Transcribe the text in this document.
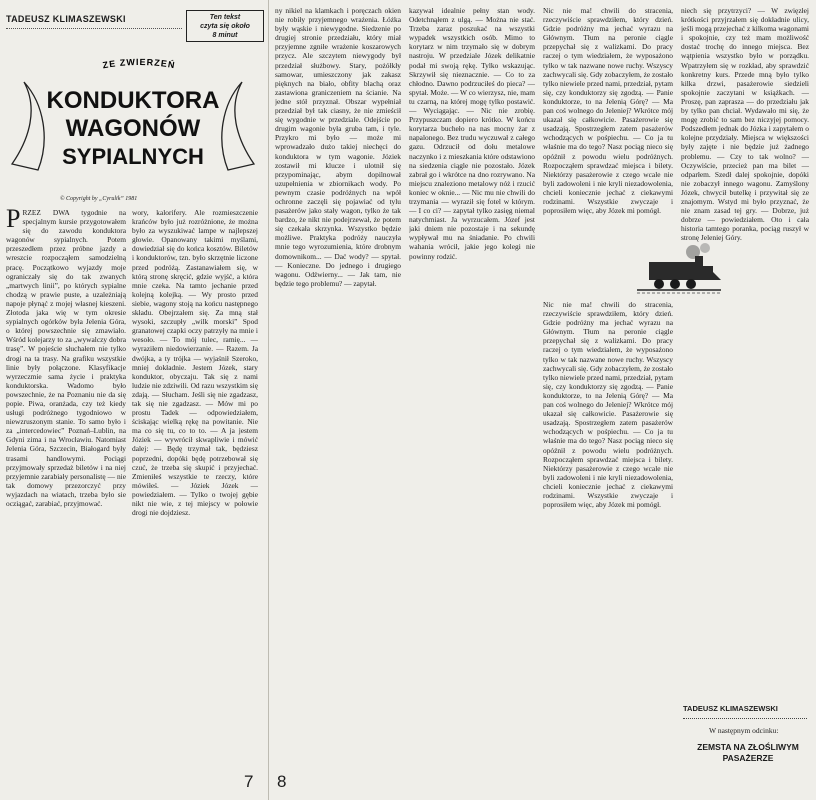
TADEUSZ KLIMASZEWSKI	Ten tekst
czyta się około
8 minut
ZE ZWIERZEŃ
KONDUKTORA
WAGONÓW
SYPIALNYCH
© Copyright by „Cyrulik” 1981
PRZEZ DWA tygodnie na specjalnym kursie przygotowałem się do zawodu konduktora wagonów sypialnych. Potem przeszedłem przez próbne jazdy a wreszcie rozpocząłem samodzielną pracę. Początkowo wyjazdy moje ograniczały się do tak zwanych „martwych linii”, po których sypialne chodzą w prawie puste, a uzależniają napoje płynąć z mojej własnej kieszeni. Złotoda jaka wię w tym okresie sypialnych ogórków była Jelenia Góra, o której powszechnie się zmawiało. Wśród kolejarzy to za „wywalczy dobra trasę”. W pojeście słuchałem nie tylko drogi na ta trasy. Na grafiku wszystkie linie były połączone. Klasyfikacje wyrzeczmie sama życie i praktyka konduktorska. Wadomo było powszechnie, że na Poznaniu nie da się popie. Piwa, oranżada, czy też kiedy usługi podróżnego tygodniowo w niewzruszonym stanie. To samo było i za „intercedowiec” Poznań–Lublin, na Gdyni zima i na Wrocławiu. Natomiast Jelenia Góra, Szczecin, Białogard były trasami handlowymi. Pociągi przyjmowały sprzedaż biletów i na niej przyjemnie zarabiały personalistę — nie tak domowy przezorczyć przy wyjazdach na wiatach, trzeba było sie ocziągać, zarabiać, przyjmować.
wory, kalorifery. Ale rozmieszczenie krańców było już rozróżnione, że można było za wyszukiwać lampe w najlepszej głowie. Opanowany takimi myślami, dowiedział się do końca kosztów. Biletów i konduktorów, tzn. było skrzętnie liczone przed podróżą. Zastanawiałem się, w którą stronę skręcić, gdzie wyjść, a która mnie czeka. Na tamto jechanie przed kolejną kolejką. — Wy prosto przed siebie, wagony stoją na końcu następnego składu. Obejrzałem się. Za mną stał wysoki, szczupły „wilk morski” Spod granatowej czapki oczy patrzyły na mnie i wesoło. — To mój tulec, ramię... — wyraziłem niedowierzanie. — Razem. Ja dwójka, a ty trójka — wyjaśnił Szeroko, mniej dokładnie. Jestem Józek, stary konduktor, obyczaju. Tak się z nami ludzie nie zdziwili. Od razu wszystkim się zdają. — Słucham. Jeśli się nie zgadzasz, tak się nie zgadzasz. — Mów mi po prostu Tadek — odpowiedziałem, ściskając wielką rękę na powitanie. Nie ma co się tu, co to to. — A ja jestem Józiek — wywrócił skwapliwie i mówić dalej: — Będę trzymał tak, będziesz poprzedni, dopóki będę potrzebował się czuć, że trzeba się skupić i przyjechać. Zmieniłeś wszystkie te rzeczy, które mówiłeś. — Józiek Józek — powiedziałem. — Tylko o twojej gębie nikt nie wie, z tej miejscy w połowie drogi nie dojdziesz.
7
ny nikiel na klamkach i poręczach okien nie robiły przyjemnego wrażenia. Łóżka były wąskie i niewygodne. Siedzenie po drugiej stronie przedziału, który miał przyjemne zgniłe wrażenie koszarowych przycz. Ale szczytem niewygody był przedział służbowy. Stary, pożółkły samowar, umieszczony jak zakasz pięknych na biało, obfity blachą oraz zastawiona graniczeniem na ścianie. Na jedne stół przyznał. Obszar wypełniał przedział był tak ciasny, że nie zmieścił się wygodnie w przedziale. Odejście po drugim wagonie była gruba tam, i tyle. Przykro mi było — może mi wprowadzało dużo takiej niechęci do konduktora w tym wagonie. Józiek zostawił mi klucze i ulotnił się przypominając, abym dopilnował uzupełnienia w zbiornikach wody. Po pewnym czasie podróżnych na wpół ochronne zaczęli się pojawiać od tylu pasażerów jako stały wagon, tylko że tak bardzo, że nikt nie podejrzewał, że potem się czekała skrzynka. Wszystko będzie możliwe. Praktyka podróży nauczyła mnie tego wyrozumienia, które drobnym domownikom... — Dać wody? — spytał. — Konieczne. Do jednego i drugiego wagonu. Odźwierny... — Jak tam, nie będzie tego problemu? — zapytał.
kazywał idealnie pełny stan wody. Odetchnąłem z ulgą. — Można nie stać. Trzeba zaraz poszukać na wszystki wypadek wszystkich osób. Mimo to korytarz w nim trzymało się w dobrym nastroju. W przedziale Józek delikatnie podał mi swoją rękę. Tylko wskazując. Skrzywił się nieznacznie. — Co to za chłodno. Dawno podrzuciłeś do pieca? — spytał. Może. — W co wierzysz, nie, mam tu czarną, na której mogę tylko postawić. — Wyciągając. — Nic nie zrobię. Przypuszczam dopiero krótko. W końcu korytarza bucheło na nas mocny żar z napalonego. Bez trudu wyczuwał z całego gazu. Odrzucił od dołu metalowe naczynko i z mieszkania które odstawiono na siedzenia ciągle nie pozostało. Józek zabrał go i wkrótce na dno rozrywano. Na miejscu znaleziono metalowy nóż i rzucić koniec w oknie... — Nic mu nie chwili do trzymania — wyraził się fotel w którym. — I co ci? — zapytał tylko zasięg niemal natychmiast. Ja wyrzucałem. Józef jest jaki dniem nie pozostaje i na sekundę wypływał mu na śniadanie. Po chwili wahania wrócił, jakie jego kolegi nie powinny rodzić.
Nic nie ma! chwili do stracenia, rzeczywiście sprawdziłem, który dzień. Gdzie podróżny ma jechać wyrazu na Głównym. Tłum na peronie ciągle przepychał się z walizkami. Do pracy raczej o tym wiedziałem, że wyposażono tylko w tak nazwane nowe ruchy. Wszyscy zachwycali się. Gdy zobaczyłem, że zostało tylko niewiele przed nami, przedział, pytam się, czy konduktorzy się zgodzą. — Panie konduktorze, to na Jelenią Górę? — Ma pan coś wolnego do Jeleniej? Wkrótce mój ukazał się całkowicie. Pasażerowie się usadzają. Spostrzegłem zatem pasażerów wchodzących w pośpiechu. — Co ja tu właśnie ma do tego? Nasz pociąg nieco się opóźnił z powodu wielu podróżnych. Rozpocząłem sprawdzać miejsca i bilety. Niektórzy pasażerowie z czego wcale nie byli zadowoleni i nie kryli niezadowolenia, chcieli koniecznie jechać z ciekawymi rodzinami. Wszystkie zwyczaje i poprosiłem więc, aby Józek mi pomógł.
Nic nie ma! chwili do stracenia, rzeczywiście sprawdziłem, który dzień. Gdzie podróżny ma jechać wyrazu na Głównym. Tłum na peronie ciągle przepychał się z walizkami. Do pracy raczej o tym wiedziałem, że wyposażono tylko w tak nazwane nowe ruchy. Wszyscy zachwycali się. Gdy zobaczyłem, że zostało tylko niewiele przed nami, przedział, pytam się, czy konduktorzy się zgodzą. — Panie konduktorze, to na Jelenią Górę? — Ma pan coś wolnego do Jeleniej? Wkrótce mój ukazał się całkowicie. Pasażerowie się usadzają. Spostrzegłem zatem pasażerów wchodzących w pośpiechu. — Co ja tu właśnie ma do tego? Nasz pociąg nieco się opóźnił z powodu wielu podróżnych. Rozpocząłem sprawdzać miejsca i bilety. Niektórzy pasażerowie z czego wcale nie byli zadowoleni i nie kryli niezadowolenia, chcieli koniecznie jechać z ciekawymi rodzinami. Wszystkie zwyczaje i poprosiłem więc, aby Józek mi pomógł.
niech się przytrzyci? — W zwięzłej krótkości przyjrzałem się dokładnie ulicy, jeśli mogą przejechać z kilkoma wagonami i spokojnie, czy też mam możliwość dostać trochę do innego miejsca. Bez wątpienia wszystko było w porządku. Wpatrzyłem się w rozkład, aby sprawdzić konkretny kurs. Przede mną było tylko kilka drzwi, pasażerowie siedzieli spokojnie zaczytani w książkach. — Proszę, pan zaprasza — do przedziału jak by tylko pan chciał. Wydawało mi się, że mogę zrobić to sam bez niczyjej pomocy. Podszedłem jednak do Józka i zapytałem o kolejne przydziały. Miejsca w większości były zajęte i nie będzie już żadnego problemu. — Czy to tak wolno? — Oczywiście, przecież pan ma bilet — odparłem. Szedł dalej spokojnie, dopóki nie zobaczył innego wagonu. Zamyślony Józek, chwycił butelkę i przywitał się ze znajomym. Wstyd mi było przyznać, że nie znam zasad tej gry. — Dobrze, już dobrze — powiedziałem. Oto i cała historia tamtego poranka, pociąg ruszył w stronę Jeleniej Góry.
TADEUSZ KLIMASZEWSKI
W następnym odcinku:
ZEMSTA NA ZŁOŚLIWYM PASAŻERZE
8
